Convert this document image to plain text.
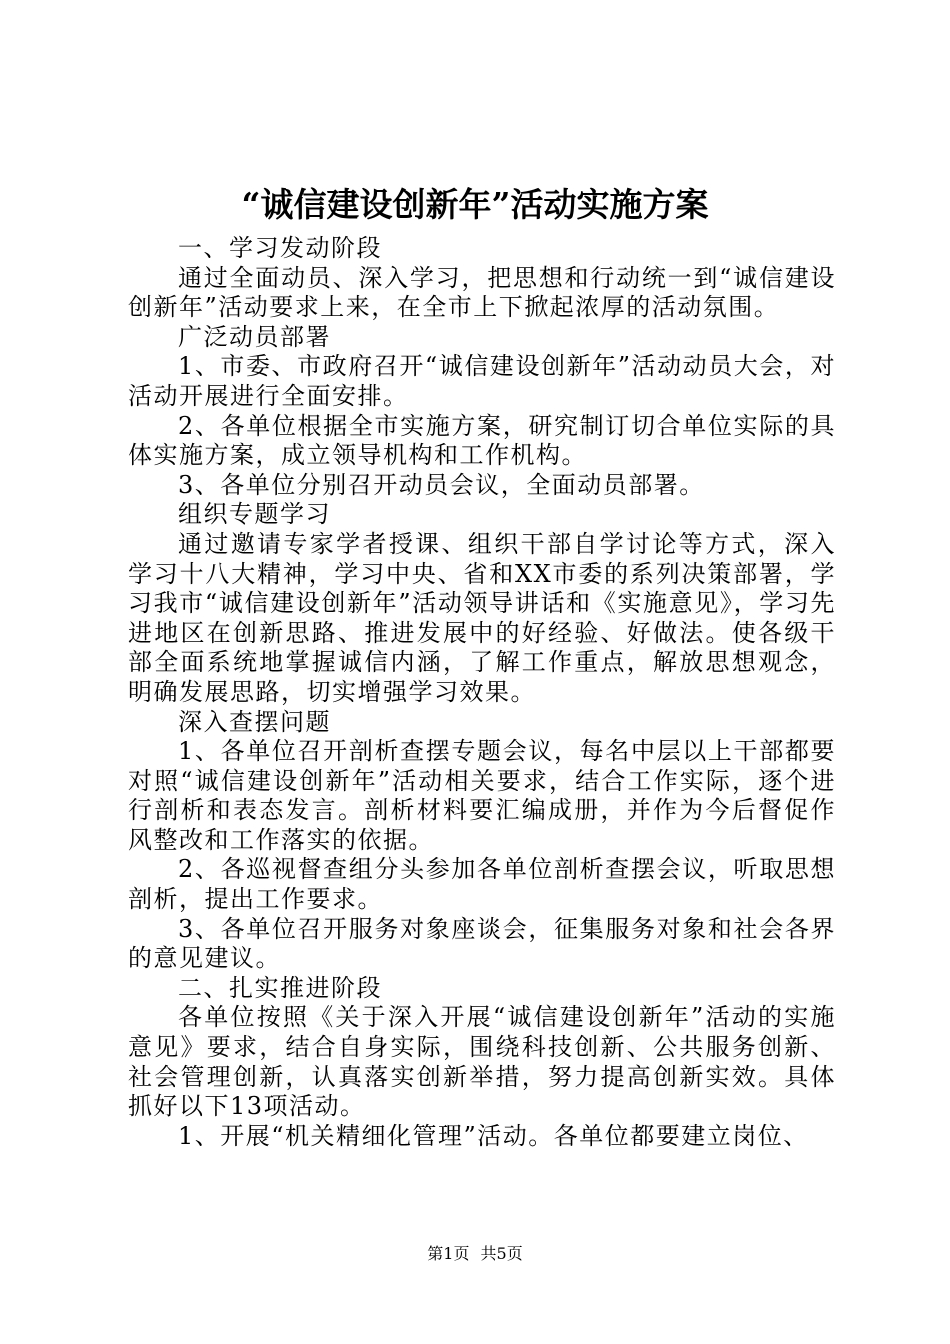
“诚信建设创新年”活动实施方案

一、学习发动阶段

通过全面动员、深入学习，把思想和行动统一到“诚信建设创新年”活动要求上来，在全市上下掀起浓厚的活动氛围。

广泛动员部署

1、市委、市政府召开“诚信建设创新年”活动动员大会，对活动开展进行全面安排。

2、各单位根据全市实施方案，研究制订切合单位实际的具体实施方案，成立领导机构和工作机构。

3、各单位分别召开动员会议，全面动员部署。

组织专题学习

通过邀请专家学者授课、组织干部自学讨论等方式，深入学习十八大精神，学习中央、省和XX市委的系列决策部署，学习我市“诚信建设创新年”活动领导讲话和《实施意见》，学习先进地区在创新思路、推进发展中的好经验、好做法。使各级干部全面系统地掌握诚信内涵，了解工作重点，解放思想观念，明确发展思路，切实增强学习效果。

深入查摆问题

1、各单位召开剖析查摆专题会议，每名中层以上干部都要对照“诚信建设创新年”活动相关要求，结合工作实际，逐个进行剖析和表态发言。剖析材料要汇编成册，并作为今后督促作风整改和工作落实的依据。

2、各巡视督查组分头参加各单位剖析查摆会议，听取思想剖析，提出工作要求。

3、各单位召开服务对象座谈会，征集服务对象和社会各界的意见建议。

二、扎实推进阶段

各单位按照《关于深入开展“诚信建设创新年”活动的实施意见》要求，结合自身实际，围绕科技创新、公共服务创新、社会管理创新，认真落实创新举措，努力提高创新实效。具体抓好以下13项活动。

1、开展“机关精细化管理”活动。各单位都要建立岗位、

第1页 共5页
